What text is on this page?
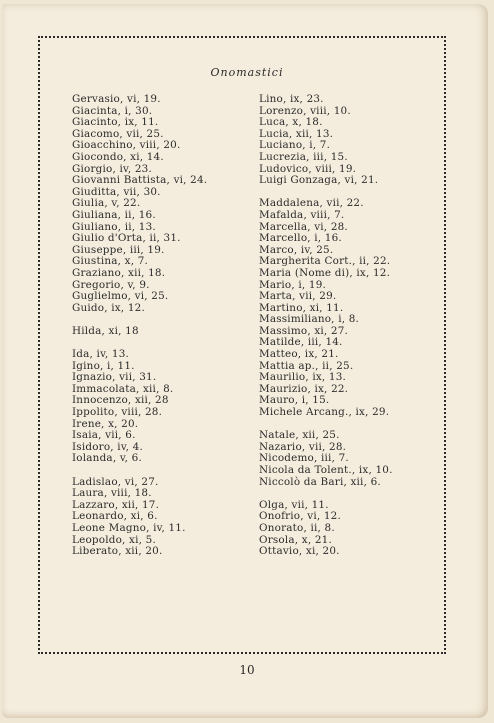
Onomastici
Gervasio, vi, 19.
Giacinta, i, 30.
Giacinto, ix, 11.
Giacomo, vii, 25.
Gioacchino, viii, 20.
Giocondo, xi, 14.
Giorgio, iv, 23.
Giovanni Battista, vi, 24.
Giuditta, vii, 30.
Giulia, v, 22.
Giuliana, ii, 16.
Giuliano, ii, 13.
Giulio d'Orta, ii, 31.
Giuseppe, iii, 19.
Giustina, x, 7.
Graziano, xii, 18.
Gregorio, v, 9.
Guglielmo, vi, 25.
Guido, ix, 12.
Hilda, xi, 18
Ida, iv, 13.
Igino, i, 11.
Ignazio, vii, 31.
Immacolata, xii, 8.
Innocenzo, xii, 28
Ippolito, viii, 28.
Irene, x, 20.
Isaia, vii, 6.
Isidoro, iv, 4.
Iolanda, v, 6.
Ladislao, vi, 27.
Laura, viii, 18.
Lazzaro, xii, 17.
Leonardo, xi, 6.
Leone Magno, iv, 11.
Leopoldo, xi, 5.
Liberato, xii, 20.
Lino, ix, 23.
Lorenzo, viii, 10.
Luca, x, 18.
Lucia, xii, 13.
Luciano, i, 7.
Lucrezia, iii, 15.
Ludovico, viii, 19.
Luigi Gonzaga, vi, 21.
Maddalena, vii, 22.
Mafalda, viii, 7.
Marcella, vi, 28.
Marcello, i, 16.
Marco, iv, 25.
Margherita Cort., ii, 22.
Maria (Nome di), ix, 12.
Mario, i, 19.
Marta, vii, 29.
Martino, xi, 11.
Massimiliano, i, 8.
Massimo, xi, 27.
Matilde, iii, 14.
Matteo, ix, 21.
Mattia ap., ii, 25.
Maurilio, ix, 13.
Maurizio, ix, 22.
Mauro, i, 15.
Michele Arcang., ix, 29.
Natale, xii, 25.
Nazario, vii, 28.
Nicodemo, iii, 7.
Nicola da Tolent., ix, 10.
Niccolò da Bari, xii, 6.
Olga, vii, 11.
Onofrio, vi, 12.
Onorato, ii, 8.
Orsola, x, 21.
Ottavio, xi, 20.
10
